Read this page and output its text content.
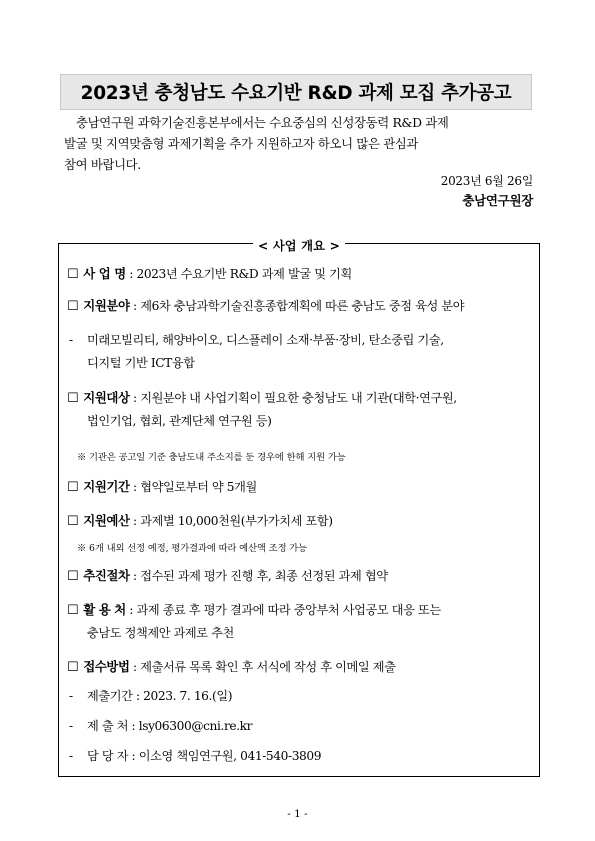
2023년 충청남도 수요기반 R&D 과제 모집 추가공고
충남연구원 과학기술진흥본부에서는 수요중심의 신성장동력 R&D 과제
발굴 및 지역맞춤형 과제기획을 추가 지원하고자 하오니 많은 관심과
참여 바랍니다.
2023년 6월 26일
충남연구원장
< 사업 개요 >
☐ 사 업 명 : 2023년 수요기반 R&D 과제 발굴 및 기획
☐ 지원분야 : 제6차 충남과학기술진흥종합계획에 따른 충남도 중점 육성 분야
- 미래모빌리티, 해양바이오, 디스플레이 소재·부품·장비, 탄소중립 기술,
디지털 기반 ICT융합
☐ 지원대상 : 지원분야 내 사업기획이 필요한 충청남도 내 기관(대학·연구원,
법인기업, 협회, 관계단체 연구원 등)
※ 기관은 공고일 기준 충남도내 주소지를 둔 경우에 한해 지원 가능
☐ 지원기간 : 협약일로부터 약 5개월
☐ 지원예산 : 과제별 10,000천원(부가가치세 포함)
※ 6개 내외 선정 예정, 평가결과에 따라 예산액 조정 가능
☐ 추진절차 : 접수된 과제 평가 진행 후, 최종 선정된 과제 협약
☐ 활 용 처 : 과제 종료 후 평가 결과에 따라 중앙부처 사업공모 대응 또는
충남도 정책제안 과제로 추천
☐ 접수방법 : 제출서류 목록 확인 후 서식에 작성 후 이메일 제출
- 제출기간 : 2023. 7. 16.(일)
- 제 출 처 : lsy06300@cni.re.kr
- 담 당 자 : 이소영 책임연구원, 041-540-3809
- 1 -
